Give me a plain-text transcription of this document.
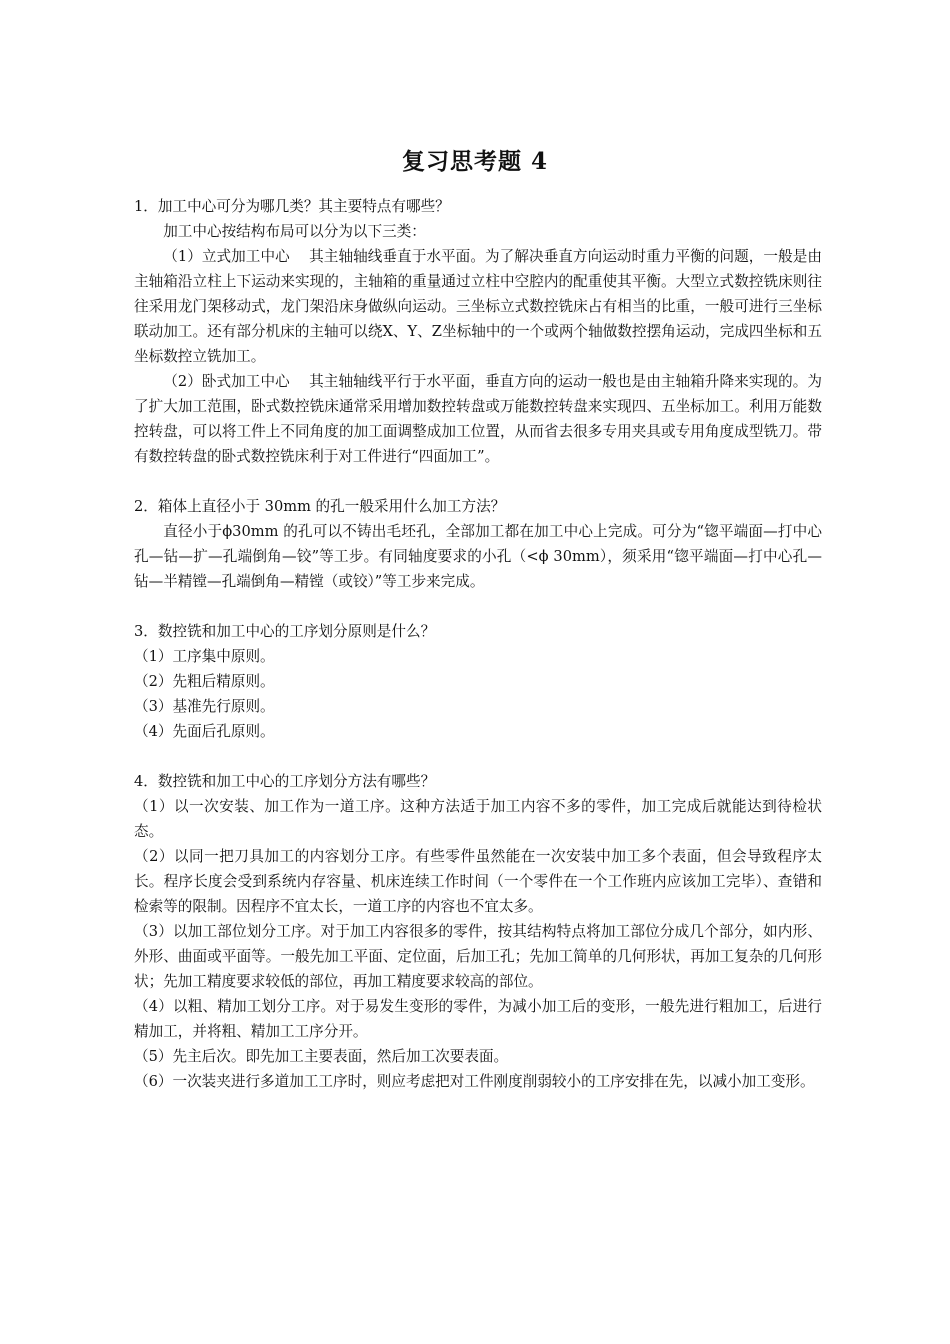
复习思考题 4

1．加工中心可分为哪几类？其主要特点有哪些？

加工中心按结构布局可以分为以下三类：

（1）立式加工中心　 其主轴轴线垂直于水平面。为了解决垂直方向运动时重力平衡的问题，一般是由主轴箱沿立柱上下运动来实现的，主轴箱的重量通过立柱中空腔内的配重使其平衡。大型立式数控铣床则往往采用龙门架移动式，龙门架沿床身做纵向运动。三坐标立式数控铣床占有相当的比重，一般可进行三坐标联动加工。还有部分机床的主轴可以绕X、Y、Z坐标轴中的一个或两个轴做数控摆角运动，完成四坐标和五坐标数控立铣加工。

（2）卧式加工中心　 其主轴轴线平行于水平面，垂直方向的运动一般也是由主轴箱升降来实现的。为了扩大加工范围，卧式数控铣床通常采用增加数控转盘或万能数控转盘来实现四、五坐标加工。利用万能数控转盘，可以将工件上不同角度的加工面调整成加工位置，从而省去很多专用夹具或专用角度成型铣刀。带有数控转盘的卧式数控铣床利于对工件进行“四面加工”。

2．箱体上直径小于 30mm 的孔一般采用什么加工方法？

直径小于ϕ30mm 的孔可以不铸出毛坯孔，全部加工都在加工中心上完成。可分为“锪平端面—打中心孔—钻—扩—孔端倒角—铰”等工步。有同轴度要求的小孔（<ϕ 30mm），须采用“锪平端面—打中心孔—钻—半精镗—孔端倒角—精镗（或铰）”等工步来完成。

3．数控铣和加工中心的工序划分原则是什么？

（1）工序集中原则。

（2）先粗后精原则。

（3）基准先行原则。

（4）先面后孔原则。

4．数控铣和加工中心的工序划分方法有哪些？

（1）以一次安装、加工作为一道工序。这种方法适于加工内容不多的零件，加工完成后就能达到待检状态。

（2）以同一把刀具加工的内容划分工序。有些零件虽然能在一次安装中加工多个表面，但会导致程序太长。程序长度会受到系统内存容量、机床连续工作时间（一个零件在一个工作班内应该加工完毕）、查错和检索等的限制。因程序不宜太长，一道工序的内容也不宜太多。

（3）以加工部位划分工序。对于加工内容很多的零件，按其结构特点将加工部位分成几个部分，如内形、外形、曲面或平面等。一般先加工平面、定位面，后加工孔；先加工简单的几何形状，再加工复杂的几何形状；先加工精度要求较低的部位，再加工精度要求较高的部位。

（4）以粗、精加工划分工序。对于易发生变形的零件，为减小加工后的变形，一般先进行粗加工，后进行精加工，并将粗、精加工工序分开。

（5）先主后次。即先加工主要表面，然后加工次要表面。

（6）一次装夹进行多道加工工序时，则应考虑把对工件刚度削弱较小的工序安排在先，以减小加工变形。
